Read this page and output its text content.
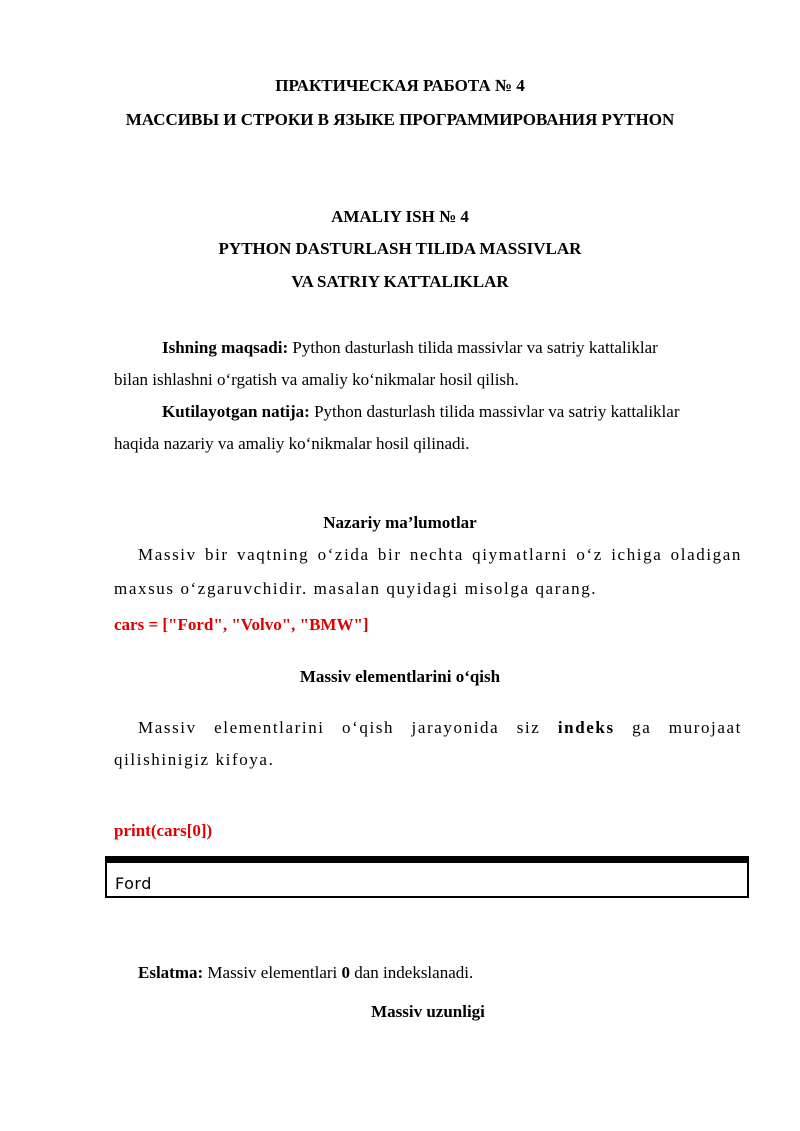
ПРАКТИЧЕСКАЯ РАБОТА № 4
МАССИВЫ И СТРОКИ В ЯЗЫКЕ ПРОГРАММИРОВАНИЯ PYTHON
AMALIY ISH № 4
PYTHON DASTURLASH TILIDA MASSIVLAR
VA SATRIY KATTALIKLAR
Ishning maqsadi: Python dasturlash tilida massivlar va satriy kattaliklar
bilan ishlashni o‘rgatish va amaliy ko‘nikmalar hosil qilish.
Kutilayotgan natija: Python dasturlash tilida massivlar va satriy kattaliklar
haqida nazariy va amaliy ko‘nikmalar hosil qilinadi.
Nazariy ma’lumotlar
Massiv bir vaqtning o‘zida bir nechta qiymatlarni o‘z ichiga oladigan
maxsus o‘zgaruvchidir. masalan quyidagi misolga qarang.
cars = ["Ford", "Volvo", "BMW"]
Massiv elementlarini o‘qish
Massiv elementlarini o‘qish jarayonida siz indeks ga murojaat
qilishinigiz kifoya.
print(cars[0])
Ford
Eslatma: Massiv elementlari 0 dan indekslanadi.
Massiv uzunligi
